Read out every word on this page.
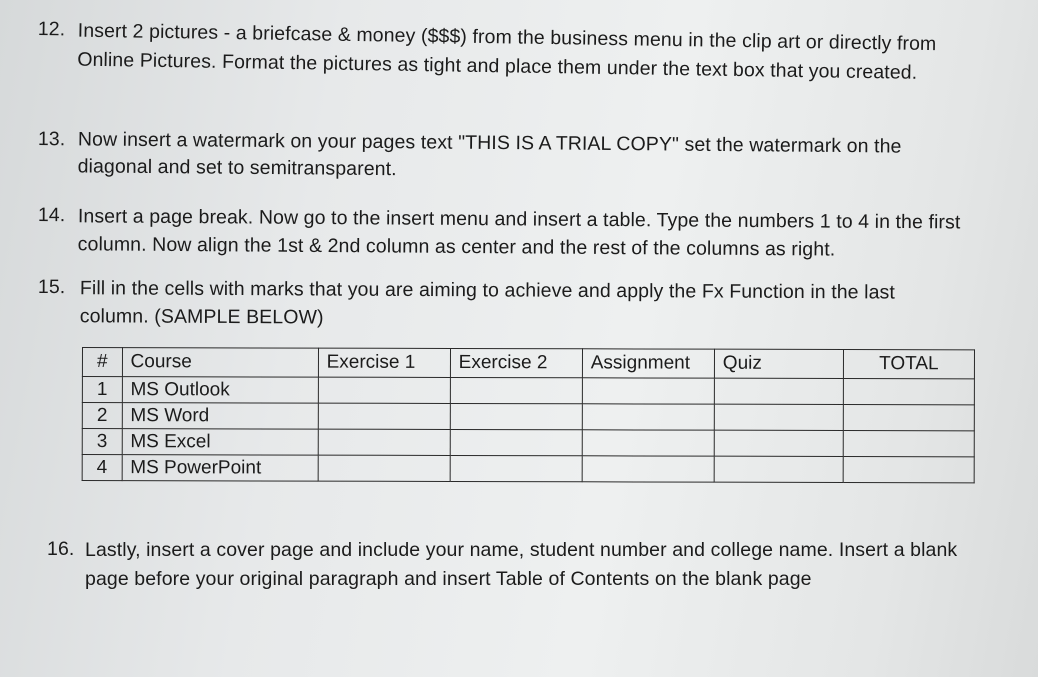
12. Insert 2 pictures - a briefcase & money ($$$) from the business menu in the clip art or directly from Online Pictures. Format the pictures as tight and place them under the text box that you created.
13. Now insert a watermark on your pages text "THIS IS A TRIAL COPY" set the watermark on the diagonal and set to semitransparent.
14. Insert a page break. Now go to the insert menu and insert a table. Type the numbers 1 to 4 in the first column. Now align the 1st & 2nd column as center and the rest of the columns as right.
15. Fill in the cells with marks that you are aiming to achieve and apply the Fx Function in the last column. (SAMPLE BELOW)
#	Course	Exercise 1	Exercise 2	Assignment	Quiz	TOTAL
1	MS Outlook					
2	MS Word					
3	MS Excel					
4	MS PowerPoint					
16. Lastly, insert a cover page and include your name, student number and college name. Insert a blank page before your original paragraph and insert Table of Contents on the blank page
